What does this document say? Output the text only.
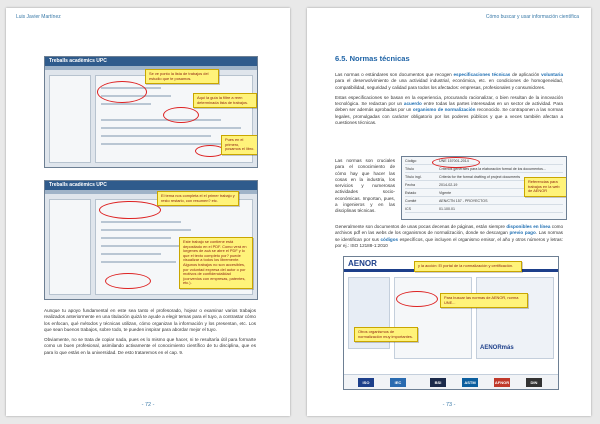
Luis Javier Martínez
Treballs acadèmics UPC
Se ve ponto la lista de trabajos del estudio que te posamos.
Aquí la guía la filtre a reen determinada lista de trabajos.
Pues en el primero, posamos el libro.
Treballs acadèmics UPC
El tema nos completa el el primer trabajo y resto restarlo, con resumen? etc.
Este trabajo se contiene está depositado en el PDF. Como verá en lorgenes de acá se abre el PDF y lo que el texto completo por? puede visualizar a todos los libremente. Algunos trabajos no son accesibles, por voluntad expresa del autor o por motivos de confidencialidad (convenios con empresas, patentes, etc.).

Aunque tu apoyo fundamental en este sea tanto el profesorado, hojear o examinar varios trabajos realizados anteriormente en una titulación quizá te ayude a elegir temas para el tuyo, a contrastar cómo los enfocan, qué métodos y técnicas utilizan, cómo organizan la información y los presentan, etc. Los que sean buenos trabajos, sobre todo, te pueden inspirar para abordar mejor el tuyo.

Obviamente, no se trata de copiar nada, pues es lo mismo que hacer, ni te resultaría útil para formarte como un buen profesional, asimilando activamente el conocimiento científico de tu disciplina, que es para lo que estás en la universidad. De esto trataremos en el cap. 9.

- 72 -
Cómo buscar y usar información científica
6.5. Normas técnicas

Las normas o estándares son documentos que recogen especificaciones técnicas de aplicación voluntaria para el desenvolvimiento de una actividad industrial, económica, etc. en condiciones de homogeneidad, compatibilidad, seguridad y calidad para todos los afectados: empresas, profesionales y consumidores.

Estas especificaciones se basan en la experiencia, procurando racionalizar, o bien resultan de la innovación tecnológica. Se redactan por un acuerdo entre todas las partes interesadas en un sector de actividad. Para deben ser además aprobadas por un organismo de normalización reconocido. Se contraponen a las normas legales, promulgadas con carácter obligatorio por los poderes públicos y que a veces también afectan a cuestiones técnicas.

Las normas son cruciales para el conocimiento de cómo hay que hacer las cosas en la industria, los servicios y numerosas actividades socio-económicas. Importan, pues, a ingenieros y en las disciplinas técnicas.

Código	UNE 157001-2014
Título	Criterios generales para la elaboración formal de los documentos...
Título ingl.	Criteria for the formal drafting of project documents
Fecha	2014-02-19
Estado	Vigente
Comité	AEN/CTN 157 - PROYECTOS
ICS	01.100.01
Referencias para trabajos en la web de AENOR

Generalmente son documentos de unas pocas decenas de páginas, están siempre disponibles en línea como archivos pdf en las webs de los organismos de normalización, donde se descargan previo pago. Las normas se identifican por sus códigos específicos, que incluyen el organismo emisor, el año y otros números y letras: por ej.: ISO 12188-1:2010

AENOR
AENORmás
y la acción: El portal de la normalización y certificación.
Para buscar las normas de AENOR, norma UNE...
Otros organismos de normalización muy importantes.
ISO	IEC	BSI	ASTM	AFNOR	DIN
- 73 -
